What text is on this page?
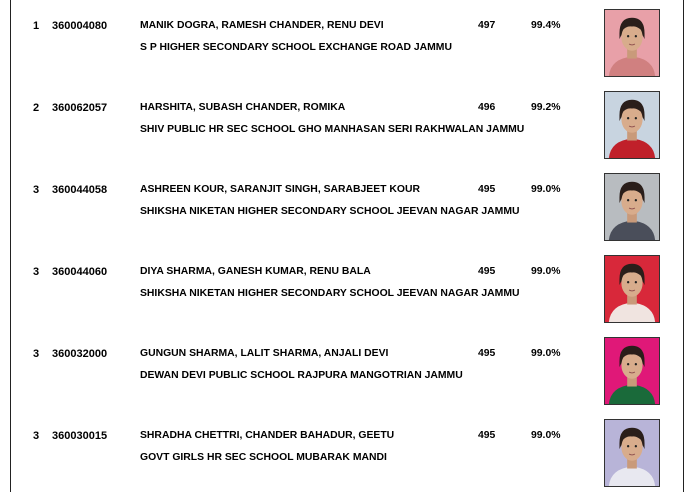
1 360004080	MANIK DOGRA, RAMESH CHANDER, RENU DEVI	497	99.4%
S P HIGHER SECONDARY SCHOOL EXCHANGE ROAD JAMMU
2 360062057	HARSHITA, SUBASH CHANDER, ROMIKA	496	99.2%
SHIV PUBLIC HR SEC SCHOOL GHO MANHASAN SERI RAKHWALAN JAMMU
3 360044058	ASHREEN KOUR, SARANJIT SINGH, SARABJEET KOUR	495	99.0%
SHIKSHA NIKETAN HIGHER SECONDARY SCHOOL JEEVAN NAGAR JAMMU
3 360044060	DIYA SHARMA, GANESH KUMAR, RENU BALA	495	99.0%
SHIKSHA NIKETAN HIGHER SECONDARY SCHOOL JEEVAN NAGAR JAMMU
3 360032000	GUNGUN SHARMA, LALIT SHARMA, ANJALI DEVI	495	99.0%
DEWAN DEVI PUBLIC SCHOOL RAJPURA MANGOTRIAN JAMMU
3 360030015	SHRADHA CHETTRI, CHANDER BAHADUR, GEETU	495	99.0%
GOVT GIRLS HR SEC SCHOOL MUBARAK MANDI
